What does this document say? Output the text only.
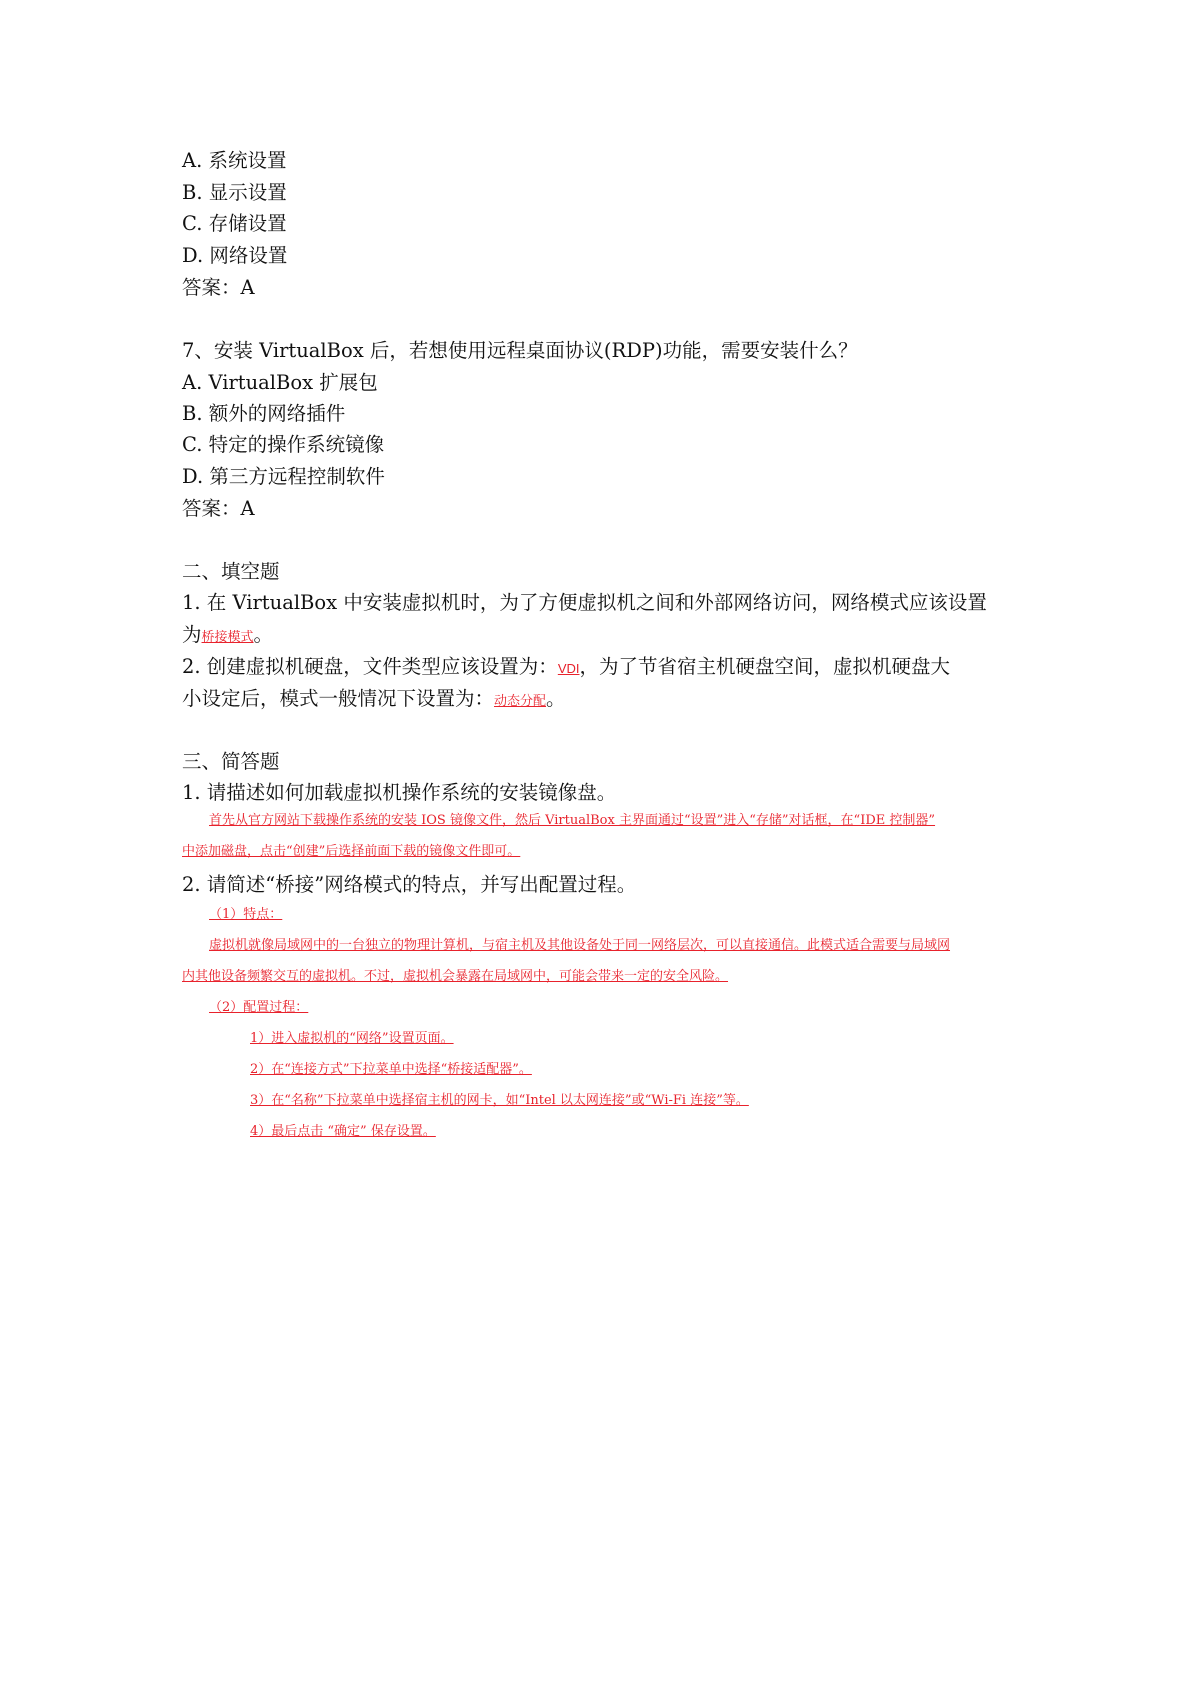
A. 系统设置
B. 显示设置
C. 存储设置
D. 网络设置
答案：A
7、安装 VirtualBox 后，若想使用远程桌面协议(RDP)功能，需要安装什么？
A. VirtualBox 扩展包
B. 额外的网络插件
C. 特定的操作系统镜像
D. 第三方远程控制软件
答案：A
二、填空题
1. 在 VirtualBox 中安装虚拟机时，为了方便虚拟机之间和外部网络访问，网络模式应该设置
为桥接模式。
2. 创建虚拟机硬盘，文件类型应该设置为：VDI，为了节省宿主机硬盘空间，虚拟机硬盘大
小设定后，模式一般情况下设置为：动态分配。
三、简答题
1. 请描述如何加载虚拟机操作系统的安装镜像盘。
首先从官方网站下载操作系统的安装 IOS 镜像文件，然后 VirtualBox 主界面通过“设置”进入“存储”对话框，在“IDE 控制器”
中添加磁盘，点击“创建”后选择前面下载的镜像文件即可。
2. 请简述“桥接”网络模式的特点，并写出配置过程。
（1）特点：
虚拟机就像局域网中的一台独立的物理计算机，与宿主机及其他设备处于同一网络层次，可以直接通信。此模式适合需要与局域网
内其他设备频繁交互的虚拟机。不过，虚拟机会暴露在局域网中，可能会带来一定的安全风险。
（2）配置过程：
1）进入虚拟机的“网络”设置页面。
2）在“连接方式”下拉菜单中选择“桥接适配器”。
3）在“名称”下拉菜单中选择宿主机的网卡，如“Intel 以太网连接”或“Wi-Fi 连接”等。
4）最后点击 “确定” 保存设置。
